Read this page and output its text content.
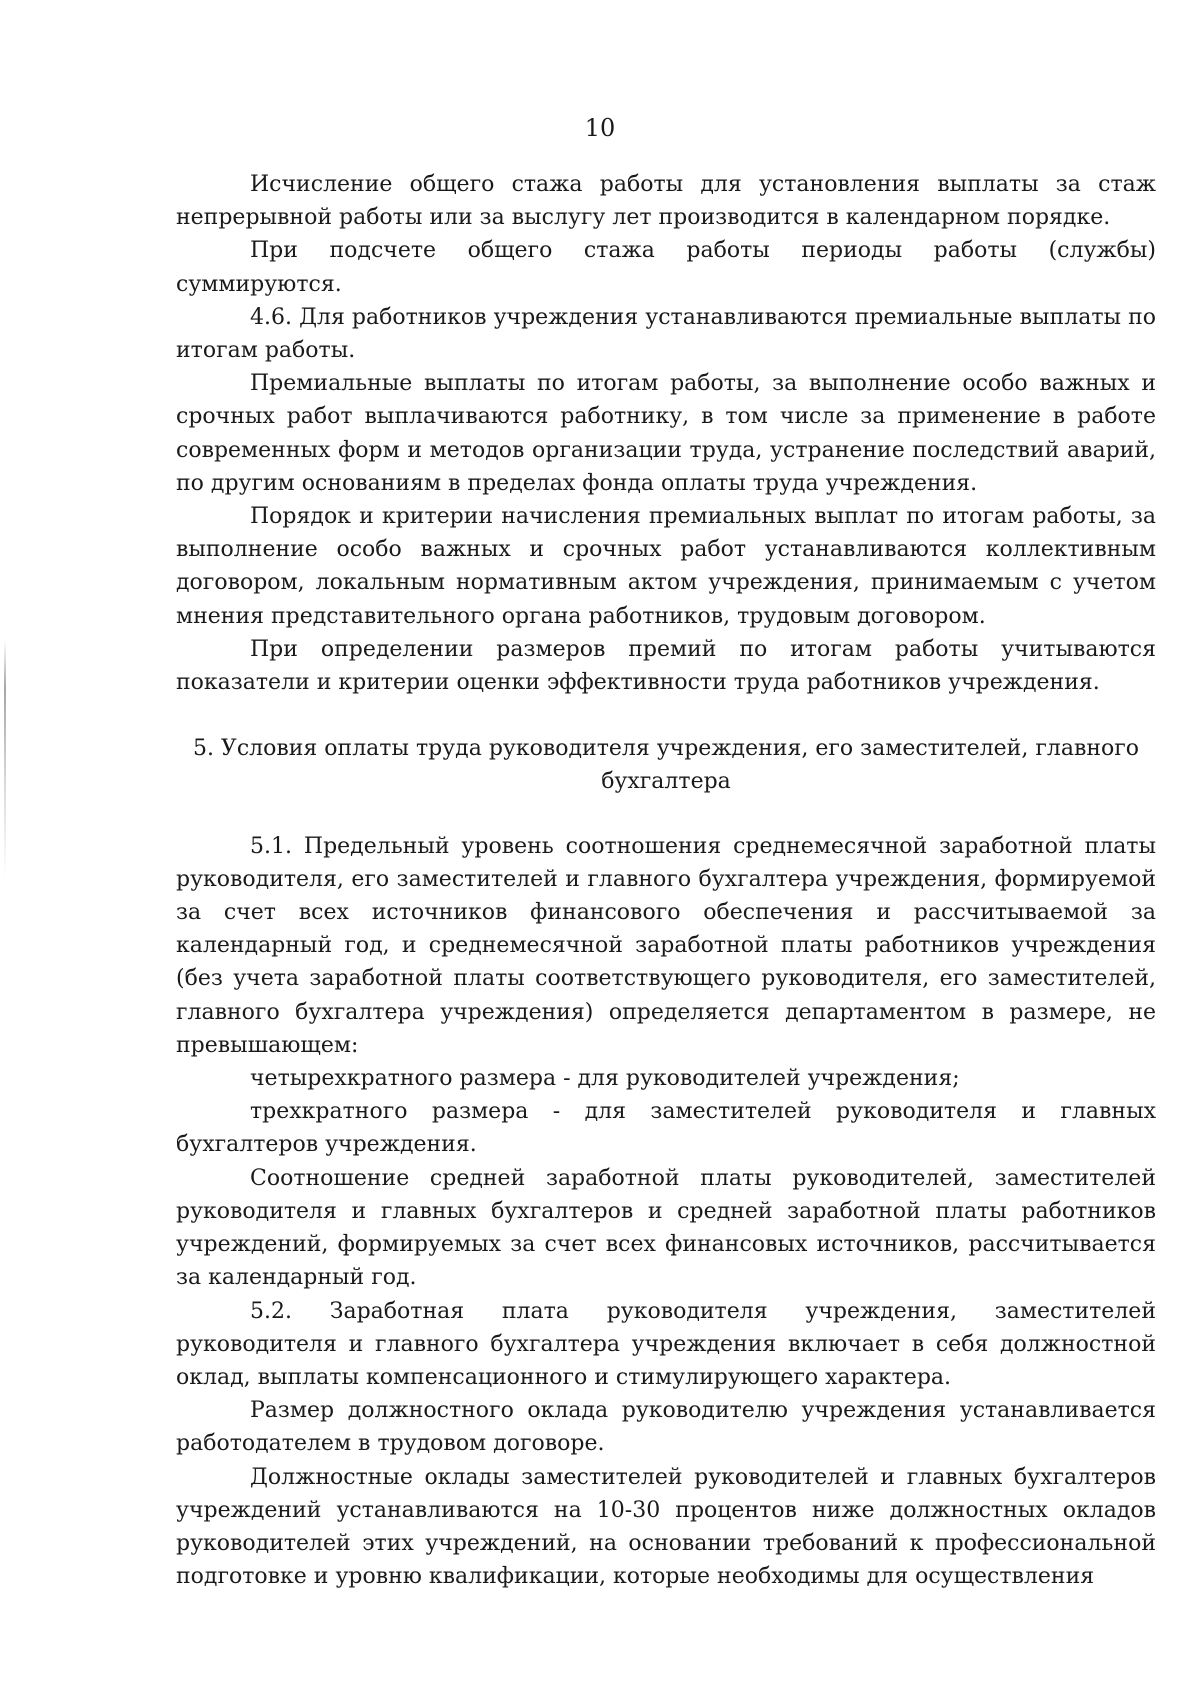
10

Исчисление общего стажа работы для установления выплаты за стаж непрерывной работы или за выслугу лет производится в календарном порядке.

При подсчете общего стажа работы периоды работы (службы) суммируются.

4.6. Для работников учреждения устанавливаются премиальные выплаты по итогам работы.

Премиальные выплаты по итогам работы, за выполнение особо важных и срочных работ выплачиваются работнику, в том числе за применение в работе современных форм и методов организации труда, устранение последствий аварий, по другим основаниям в пределах фонда оплаты труда учреждения.

Порядок и критерии начисления премиальных выплат по итогам работы, за выполнение особо важных и срочных работ устанавливаются коллективным договором, локальным нормативным актом учреждения, принимаемым с учетом мнения представительного органа работников, трудовым договором.

При определении размеров премий по итогам работы учитываются показатели и критерии оценки эффективности труда работников учреждения.

5. Условия оплаты труда руководителя учреждения, его заместителей, главного

бухгалтера

5.1. Предельный уровень соотношения среднемесячной заработной платы руководителя, его заместителей и главного бухгалтера учреждения, формируемой за счет всех источников финансового обеспечения и рассчитываемой за календарный год, и среднемесячной заработной платы работников учреждения (без учета заработной платы соответствующего руководителя, его заместителей, главного бухгалтера учреждения) определяется департаментом в размере, не превышающем:

четырехкратного размера - для руководителей учреждения;

трехкратного размера - для заместителей руководителя и главных бухгалтеров учреждения.

Соотношение средней заработной платы руководителей, заместителей руководителя и главных бухгалтеров и средней заработной платы работников учреждений, формируемых за счет всех финансовых источников, рассчитывается за календарный год.

5.2. Заработная плата руководителя учреждения, заместителей руководителя и главного бухгалтера учреждения включает в себя должностной оклад, выплаты компенсационного и стимулирующего характера.

Размер должностного оклада руководителю учреждения устанавливается работодателем в трудовом договоре.

Должностные оклады заместителей руководителей и главных бухгалтеров учреждений устанавливаются на 10-30 процентов ниже должностных окладов руководителей этих учреждений, на основании требований к профессиональной подготовке и уровню квалификации, которые необходимы для осуществления
